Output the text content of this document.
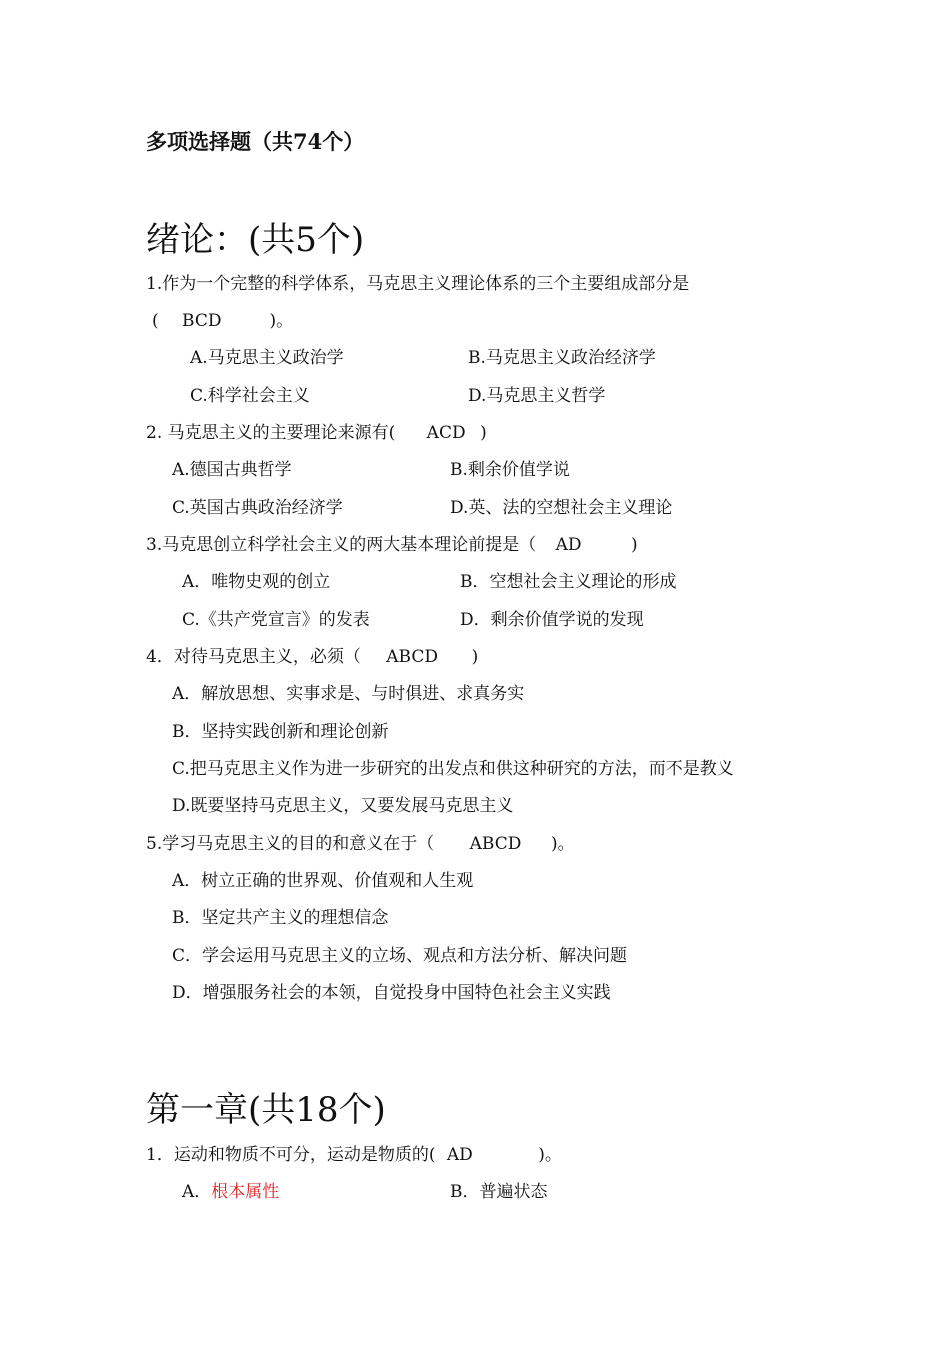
多项选择题（共74个）
绪论：(共5个)
1.作为一个完整的科学体系，马克思主义理论体系的三个主要组成部分是
( BCD	)。
A.马克思主义政治学	B.马克思主义政治经济学
C.科学社会主义	D.马克思主义哲学
2. 马克思主义的主要理论来源有( ACD )
A.德国古典哲学	B.剩余价值学说
C.英国古典政治经济学	D.英、法的空想社会主义理论
3.马克思创立科学社会主义的两大基本理论前提是（ AD	)
A．唯物史观的创立	B．空想社会主义理论的形成
C.《共产党宣言》的发表	D．剩余价值学说的发现
4．对待马克思主义，必须（ ABCD )
A．解放思想、实事求是、与时俱进、求真务实
B．坚持实践创新和理论创新
C.把马克思主义作为进一步研究的出发点和供这种研究的方法，而不是教义
D.既要坚持马克思主义，又要发展马克思主义
5.学习马克思主义的目的和意义在于（ ABCD )。
A．树立正确的世界观、价值观和人生观
B．坚定共产主义的理想信念
C．学会运用马克思主义的立场、观点和方法分析、解决问题
D．增强服务社会的本领，自觉投身中国特色社会主义实践
第一章(共18个)
1．运动和物质不可分，运动是物质的( AD	)。
A．根本属性	B．普遍状态
